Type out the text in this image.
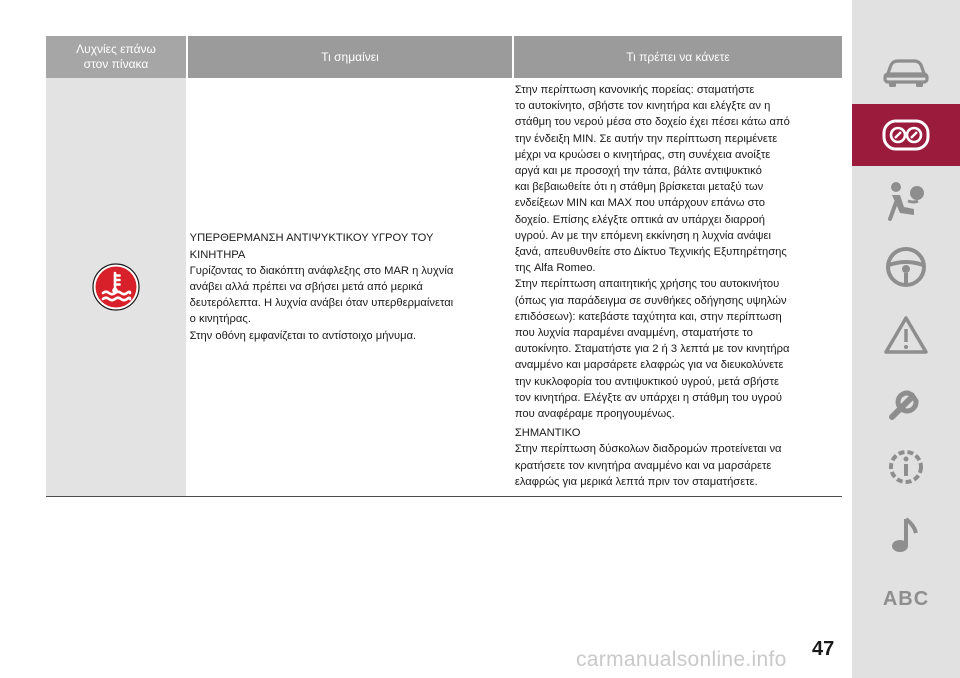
Λυχνίες επάνω
στον πίνακα
Τι σημαίνει	Τι πρέπει να κάνετε

ΥΠΕΡΘΕΡΜΑΝΣΗ ΑΝΤΙΨΥΚΤΙΚΟΥ ΥΓΡΟΥ ΤΟΥ

ΚΙΝΗΤΗΡΑ

Γυρίζοντας το διακόπτη ανάφλεξης στο MAR η λυχνία

ανάβει αλλά πρέπει να σβήσει μετά από μερικά

δευτερόλεπτα. Η λυχνία ανάβει όταν υπερθερμαίνεται

ο κινητήρας.

Στην οθόνη εμφανίζεται το αντίστοιχο μήνυμα.

Στην περίπτωση κανονικής πορείας: σταματήστε

το αυτοκίνητο, σβήστε τον κινητήρα και ελέγξτε αν η

στάθμη του νερού μέσα στο δοχείο έχει πέσει κάτω από

την ένδειξη MIN. Σε αυτήν την περίπτωση περιμένετε

μέχρι να κρυώσει ο κινητήρας, στη συνέχεια ανοίξτε

αργά και με προσοχή την τάπα, βάλτε αντιψυκτικό

και βεβαιωθείτε ότι η στάθμη βρίσκεται μεταξύ των

ενδείξεων MIN και MAX που υπάρχουν επάνω στο

δοχείο. Επίσης ελέγξτε οπτικά αν υπάρχει διαρροή

υγρού. Αν με την επόμενη εκκίνηση η λυχνία ανάψει

ξανά, απευθυνθείτε στο Δίκτυο Τεχνικής Εξυπηρέτησης

της Alfa Romeo.

Στην περίπτωση απαιτητικής χρήσης του αυτοκινήτου

(όπως για παράδειγμα σε συνθήκες οδήγησης υψηλών

επιδόσεων): κατεβάστε ταχύτητα και, στην περίπτωση

που λυχνία παραμένει αναμμένη, σταματήστε το

αυτοκίνητο. Σταματήστε για 2 ή 3 λεπτά με τον κινητήρα

αναμμένο και μαρσάρετε ελαφρώς για να διευκολύνετε

την κυκλοφορία του αντιψυκτικού υγρού, μετά σβήστε

τον κινητήρα. Ελέγξτε αν υπάρχει η στάθμη του υγρού

που αναφέραμε προηγουμένως.

ΣΗΜΑΝΤΙΚΟ

Στην περίπτωση δύσκολων διαδρομών προτείνεται να

κρατήσετε τον κινητήρα αναμμένο και να μαρσάρετε

ελαφρώς για μερικά λεπτά πριν τον σταματήσετε.

ABC
47
carmanualsonline.info
